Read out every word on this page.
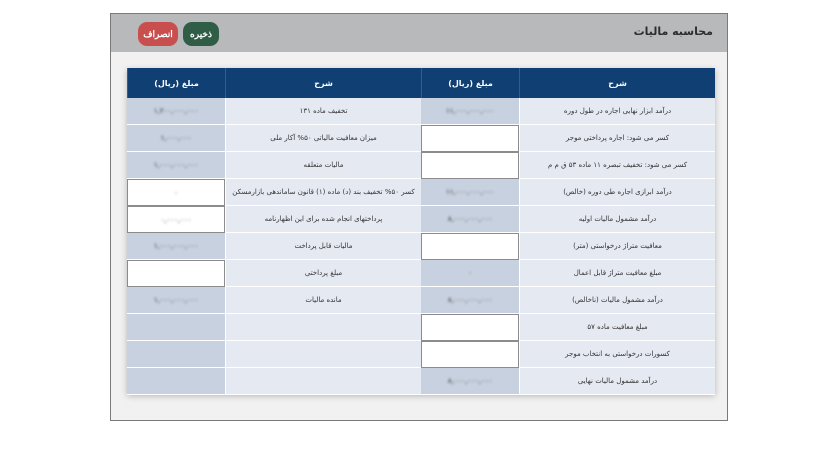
محاسبه مالیات
انصراف	ذخیره
شرح
مبلغ (ریال)
درآمد ابزار نهایی اجاره در طول دوره
۱۱,۰۰۰,۰۰۰,۰۰۰
کسر می شود: اجاره پرداختی موجر
کسر می شود: تخفیف تبصره ۱۱ ماده ۵۳ ق م م
درآمد ابرازی اجاره طی دوره (خالص)
۱۱,۰۰۰,۰۰۰,۰۰۰
درآمد مشمول مالیات اولیه
۸,۰۰۰,۰۰۰,۰۰۰
معافیت متراژ درخواستی (متر)
مبلغ معافیت متراژ قابل اعمال
۰
درآمد مشمول مالیات (ناخالص)
۸,۰۰۰,۰۰۰,۰۰۰
مبلغ معافیت ماده ۵۷
کسورات درخواستی به انتخاب موجر
درآمد مشمول مالیات نهایی
۸,۰۰۰,۰۰۰,۰۰۰
شرح
مبلغ (ریال)
تخفیف ماده ۱۳۱
۱,۲۰۰,۰۰۰,۰۰۰
میزان معافیت مالیاتی ۵۰% آکار ملی
۱,۰۰۰,۰۰۰
مالیات متعلقه
۱,۰۰۰,۰۰۰,۰۰۰
کسر ۵۰% تخفیف بند (د) ماده (۱) قانون ساماندهی بازارمسکن
۰
پرداختهای انجام شده برای این اظهارنامه
۰,۰۰۰,۰۰۰
مالیات قابل پرداخت
۱,۰۰۰,۰۰۰,۰۰۰
مبلغ پرداختی
مانده مالیات
۱,۰۰۰,۰۰۰,۰۰۰
